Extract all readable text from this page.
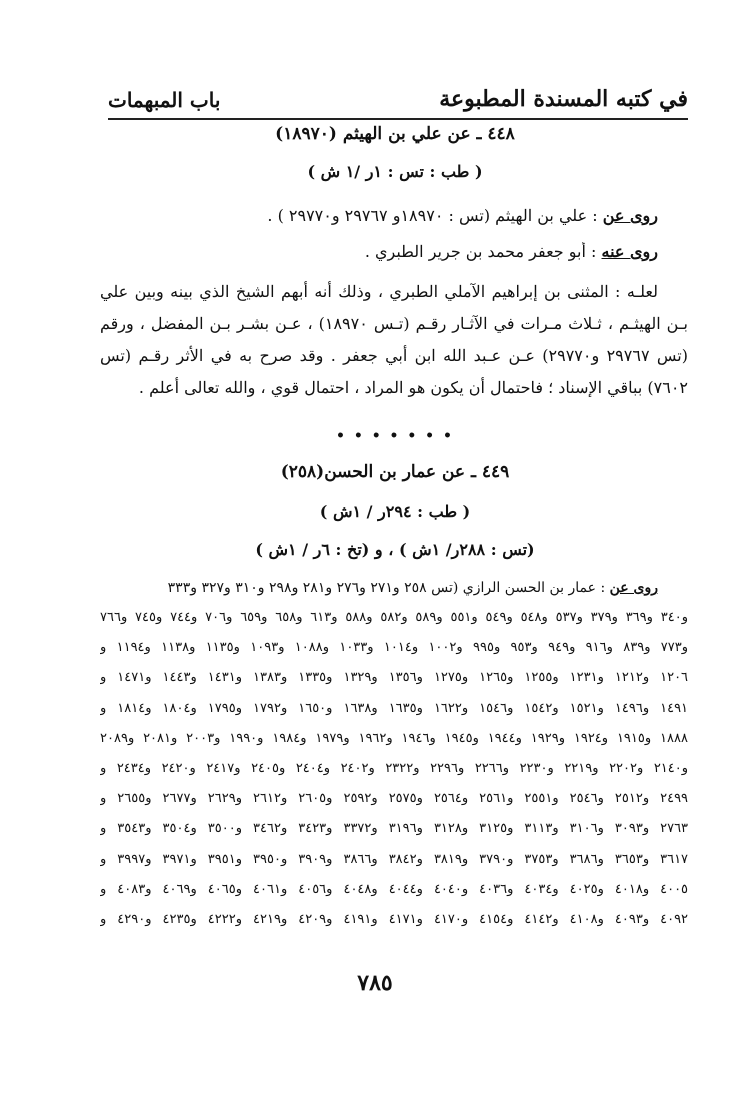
في كتبه المسندة المطبوعة
باب المبهمات
٤٤٨ ـ عن علي بن الهيثم (١٨٩٧٠)
( طب : تس : ١ر /١ ش )
روى عن : علي بن الهيثم (تس : ١٨٩٧٠و ٢٩٧٦٧ و٢٩٧٧٠ ) .
روى عنه : أبو جعفر محمد بن جرير الطبري .
لعلـه : المثنى بن إبراهيم الآملي الطبري ، وذلك أنه أبهم الشيخ الذي بينه وبين علي بـن الهيثـم ، ثـلاث مـرات في الآثـار رقـم (تـس ١٨٩٧٠) ، عـن بشـر بـن المفضل ، ورقم (تس ٢٩٧٦٧ و٢٩٧٧٠) عـن عـبد الله ابن أبي جعفر . وقد صرح به في الأثر رقـم (تس ٧٦٠٢) بباقي الإسناد ؛ فاحتمال أن يكون هو المراد ، احتمال قوي ، والله تعالى أعلم .
• • • • • • •
٤٤٩ ـ عن عمار بن الحسن(٢٥٨)
( طب : ٢٩٤ر / ١ش )
(تس : ٢٨٨ر/ ١ش ) ، و (تخ : ٦ر / ١ش )
روى عن : عمار بن الحسن الرازي (تس ٢٥٨ و٢٧١ و٢٧٦ و٢٨١ و٢٩٨ و٣١٠ و٣٢٧ و٣٣٣
و٣٤٠ و٣٦٩ و٣٧٩ و٥٣٧ و٥٤٨ و٥٤٩ و٥٥١ و٥٨٩ و٥٨٢ و٥٨٨ و٦١٣ و٦٥٨ و٦٥٩ و٧٠٦ و٧٤٤ و٧٤٥ و٧٦٦
و٧٧٣ و٨٣٩ و٩١٦ و٩٤٩ و٩٥٣ و٩٩٥ و١٠٠٢ و١٠١٤ و١٠٣٣ و١٠٨٨ و١٠٩٣ و١١٣٥ و١١٣٨ و١١٩٤ و
١٢٠٦ و١٢١٢ و١٢٣١ و١٢٥٥ و١٢٦٥ و١٢٧٥ و١٣٥٦ و١٣٢٩ و١٣٣٥ و١٣٨٣ و١٤٣١ و١٤٤٣ و١٤٧١ و
١٤٩١ و١٤٩٦ و١٥٢١ و١٥٤٢ و١٥٤٦ و١٦٢٢ و١٦٣٥ و١٦٣٨ و١٦٥٠ و١٧٩٢ و١٧٩٥ و١٨٠٤ و١٨١٤ و
١٨٨٨ و١٩١٥ و١٩٢٤ و١٩٢٩ و١٩٤٤ و١٩٤٥ و١٩٤٦ و١٩٦٢ و١٩٧٩ و١٩٨٤ و١٩٩٠ و٢٠٠٣ و٢٠٨١ و٢٠٨٩
و٢١٤٠ و٢٢٠٢ و٢٢١٩ و٢٢٣٠ و٢٢٦٦ و٢٢٩٦ و٢٣٢٢ و٢٤٠٢ و٢٤٠٤ و٢٤٠٥ و٢٤١٧ و٢٤٢٠ و٢٤٣٤ و
٢٤٩٩ و٢٥١٢ و٢٥٤٦ و٢٥٥١ و٢٥٦١ و٢٥٦٤ و٢٥٧٥ و٢٥٩٢ و٢٦٠٥ و٢٦١٢ و٢٦٢٩ و٢٦٧٧ و٢٦٥٥ و
٢٧٦٣ و٣٠٩٣ و٣١٠٦ و٣١١٣ و٣١٢٥ و٣١٢٨ و٣١٩٦ و٣٣٧٢ و٣٤٢٣ و٣٤٦٢ و٣٥٠٠ و٣٥٠٤ و٣٥٤٣ و
٣٦١٧ و٣٦٥٣ و٣٦٨٦ و٣٧٥٣ و٣٧٩٠ و٣٨١٩ و٣٨٤٢ و٣٨٦٦ و٣٩٠٩ و٣٩٥٠ و٣٩٥١ و٣٩٧١ و٣٩٩٧ و
٤٠٠٥ و٤٠١٨ و٤٠٢٥ و٤٠٣٤ و٤٠٣٦ و٤٠٤٠ و٤٠٤٤ و٤٠٤٨ و٤٠٥٦ و٤٠٦١ و٤٠٦٥ و٤٠٦٩ و٤٠٨٣ و
٤٠٩٢ و٤٠٩٣ و٤١٠٨ و٤١٤٢ و٤١٥٤ و٤١٧٠ و٤١٧١ و٤١٩١ و٤٢٠٩ و٤٢١٩ و٤٢٢٢ و٤٢٣٥ و٤٢٩٠ و
٧٨٥
